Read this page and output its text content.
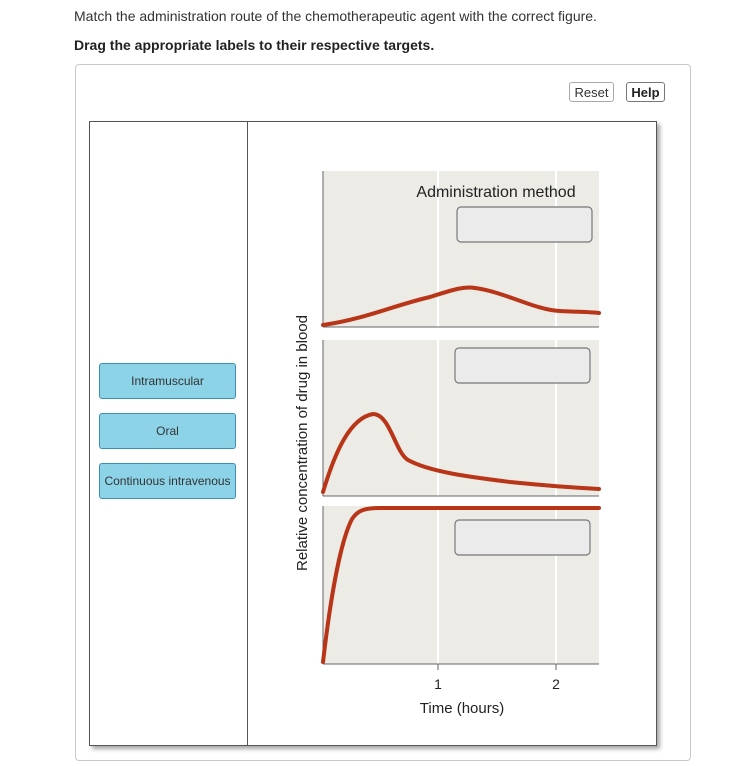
Match the administration route of the chemotherapeutic agent with the correct figure.
Drag the appropriate labels to their respective targets.
Reset	Help
Intramuscular
Oral
Continuous intravenous
Administration method
Relative concentration of drug in blood
1	2
Time (hours)
